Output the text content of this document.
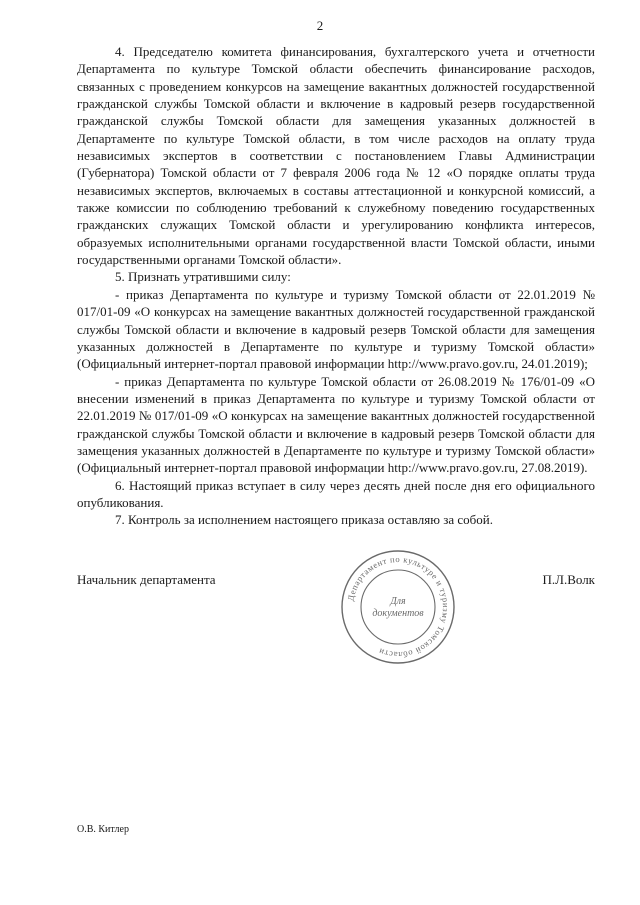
2

4. Председателю комитета финансирования, бухгалтерского учета и отчетности Департамента по культуре Томской области обеспечить финансирование расходов, связанных с проведением конкурсов на замещение вакантных должностей государственной гражданской службы Томской области и включение в кадровый резерв государственной гражданской службы Томской области для замещения указанных должностей в Департаменте по культуре Томской области, в том числе расходов на оплату труда независимых экспертов в соответствии с постановлением Главы Администрации (Губернатора) Томской области от 7 февраля 2006 года № 12 «О порядке оплаты труда независимых экспертов, включаемых в составы аттестационной и конкурсной комиссий, а также комиссии по соблюдению требований к служебному поведению государственных гражданских служащих Томской области и урегулированию конфликта интересов, образуемых исполнительными органами государственной власти Томской области, иными государственными органами Томской области».

5. Признать утратившими силу:

- приказ Департамента по культуре и туризму Томской области от 22.01.2019 № 017/01-09 «О конкурсах на замещение вакантных должностей государственной гражданской службы Томской области и включение в кадровый резерв Томской области для замещения указанных должностей в Департаменте по культуре и туризму Томской области» (Официальный интернет-портал правовой информации http://www.pravo.gov.ru, 24.01.2019);

- приказ Департамента по культуре Томской области от 26.08.2019 № 176/01-09 «О внесении изменений в приказ Департамента по культуре и туризму Томской области от 22.01.2019 № 017/01-09 «О конкурсах на замещение вакантных должностей государственной гражданской службы Томской области и включение в кадровый резерв Томской области для замещения указанных должностей в Департаменте по культуре и туризму Томской области» (Официальный интернет-портал правовой информации http://www.pravo.gov.ru, 27.08.2019).

6. Настоящий приказ вступает в силу через десять дней после дня его официального опубликования.

7. Контроль за исполнением настоящего приказа оставляю за собой.

Начальник департамента	П.Л.Волк
Департамент по культуре и туризму Томской области
Для
документов
О.В. Китлер
